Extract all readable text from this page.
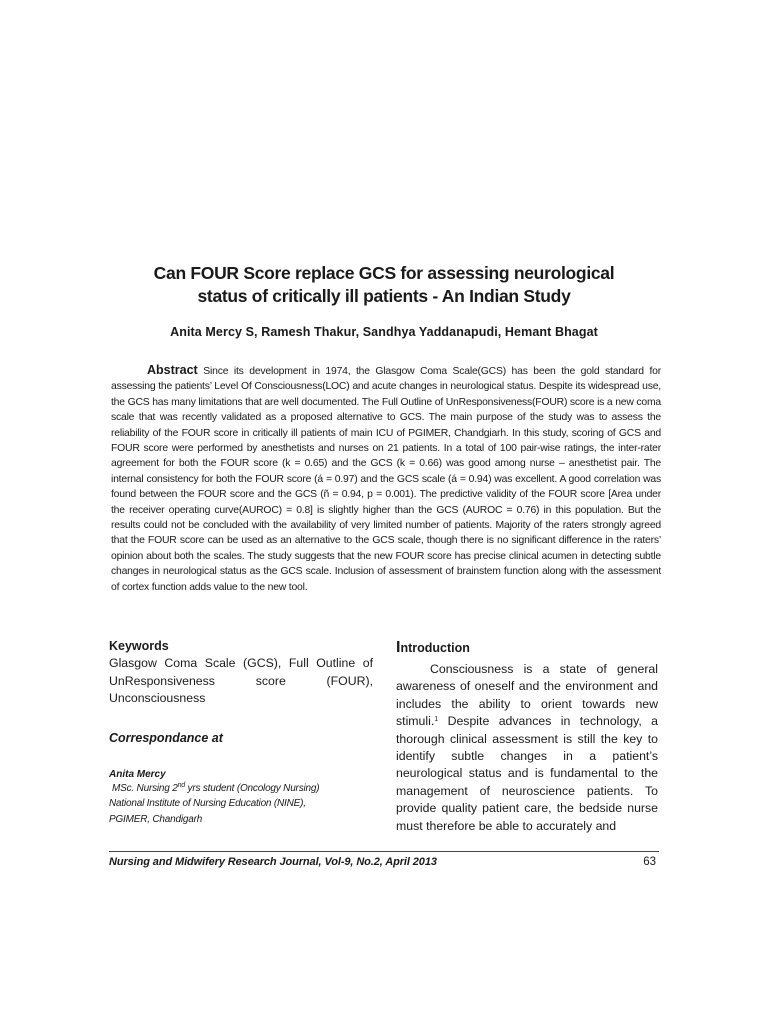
Can FOUR Score replace GCS for assessing neurological
status of critically ill patients - An Indian Study
Anita Mercy S, Ramesh Thakur, Sandhya Yaddanapudi, Hemant Bhagat

Abstract Since its development in 1974, the Glasgow Coma Scale(GCS) has been the gold standard for assessing the patients’ Level Of Consciousness(LOC) and acute changes in neurological status. Despite its widespread use, the GCS has many limitations that are well documented. The Full Outline of UnResponsiveness(FOUR) score is a new coma scale that was recently validated as a proposed alternative to GCS. The main purpose of the study was to assess the reliability of the FOUR score in critically ill patients of main ICU of PGIMER, Chandgiarh. In this study, scoring of GCS and FOUR score were performed by anesthetists and nurses on 21 patients. In a total of 100 pair-wise ratings, the inter-rater agreement for both the FOUR score (k = 0.65) and the GCS (k = 0.66) was good among nurse – anesthetist pair. The internal consistency for both the FOUR score (á = 0.97) and the GCS scale (á = 0.94) was excellent. A good correlation was found between the FOUR score and the GCS (ñ = 0.94, p = 0.001). The predictive validity of the FOUR score [Area under the receiver operating curve(AUROC) = 0.8] is slightly higher than the GCS (AUROC = 0.76) in this population. But the results could not be concluded with the availability of very limited number of patients. Majority of the raters strongly agreed that the FOUR score can be used as an alternative to the GCS scale, though there is no significant difference in the raters’ opinion about both the scales. The study suggests that the new FOUR score has precise clinical acumen in detecting subtle changes in neurological status as the GCS scale. Inclusion of assessment of brainstem function along with the assessment of cortex function adds value to the new tool.

Keywords

Glasgow Coma Scale (GCS), Full Outline of UnResponsiveness score (FOUR), Unconsciousness

Correspondance at
Anita Mercy
MSc. Nursing 2nd yrs student (Oncology Nursing)
National Institute of Nursing Education (NINE),
PGIMER, Chandigarh
Introduction

Consciousness is a state of general awareness of oneself and the environment and includes the ability to orient towards new stimuli.$^1$ Despite advances in technology, a thorough clinical assessment is still the key to identify subtle changes in a patient’s neurological status and is fundamental to the management of neuroscience patients. To provide quality patient care, the bedside nurse must therefore be able to accurately and

Nursing and Midwifery Research Journal, Vol-9, No.2, April 2013	63
